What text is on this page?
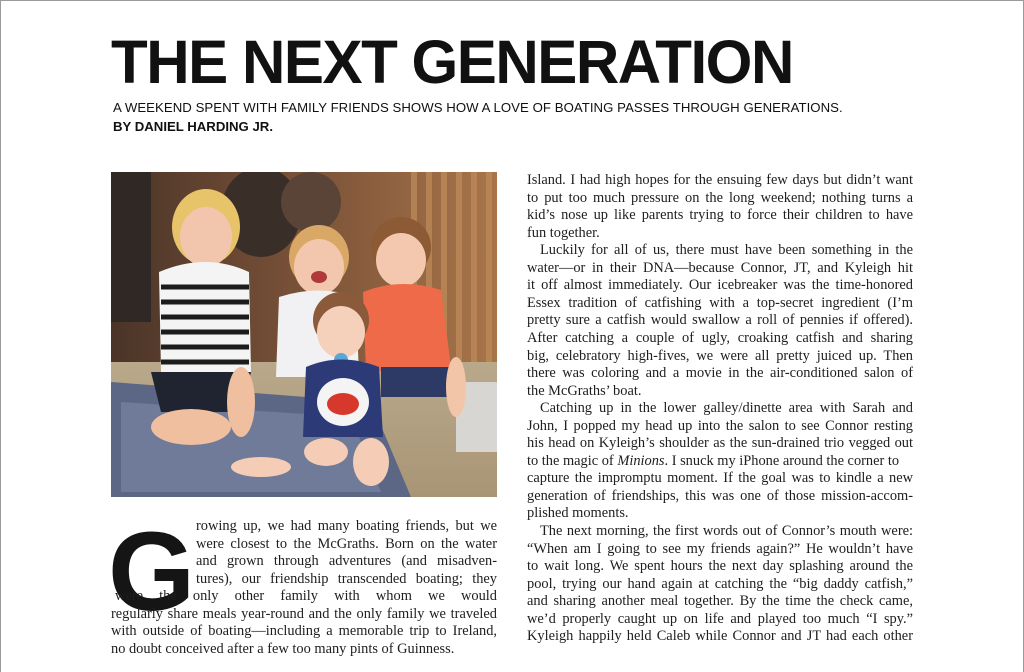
THE NEXT GENERATION
A WEEKEND SPENT WITH FAMILY FRIENDS SHOWS HOW A LOVE OF BOATING PASSES THROUGH GENERATIONS.
BY DANIEL HARDING JR.
G rowing up, we had many boating friends, but we
were closest to the McGraths. Born on the water
and grown through adventures (and misadven-
tures), our friendship transcended boating; they
were the only other family with whom we would
regularly share meals year-round and the only family we traveled
with outside of boating—including a memorable trip to Ireland,
no doubt conceived after a few too many pints of Guinness.
Island. I had high hopes for the ensuing few days but didn’t want
to put too much pressure on the long weekend; nothing turns a
kid’s nose up like parents trying to force their children to have
fun together.
Luckily for all of us, there must have been something in the
water—or in their DNA—because Connor, JT, and Kyleigh hit
it off almost immediately. Our icebreaker was the time-honored
Essex tradition of catfishing with a top-secret ingredient (I’m
pretty sure a catfish would swallow a roll of pennies if offered).
After catching a couple of ugly, croaking catfish and sharing
big, celebratory high-fives, we were all pretty juiced up. Then
there was coloring and a movie in the air-conditioned salon of
the McGraths’ boat.
Catching up in the lower galley/dinette area with Sarah and
John, I popped my head up into the salon to see Connor resting
his head on Kyleigh’s shoulder as the sun-drained trio vegged out
to the magic of Minions. I snuck my iPhone around the corner to
capture the impromptu moment. If the goal was to kindle a new
generation of friendships, this was one of those mission-accom-
plished moments.
The next morning, the first words out of Connor’s mouth were:
“When am I going to see my friends again?” He wouldn’t have
to wait long. We spent hours the next day splashing around the
pool, trying our hand again at catching the “big daddy catfish,”
and sharing another meal together. By the time the check came,
we’d properly caught up on life and played too much “I spy.”
Kyleigh happily held Caleb while Connor and JT had each other
